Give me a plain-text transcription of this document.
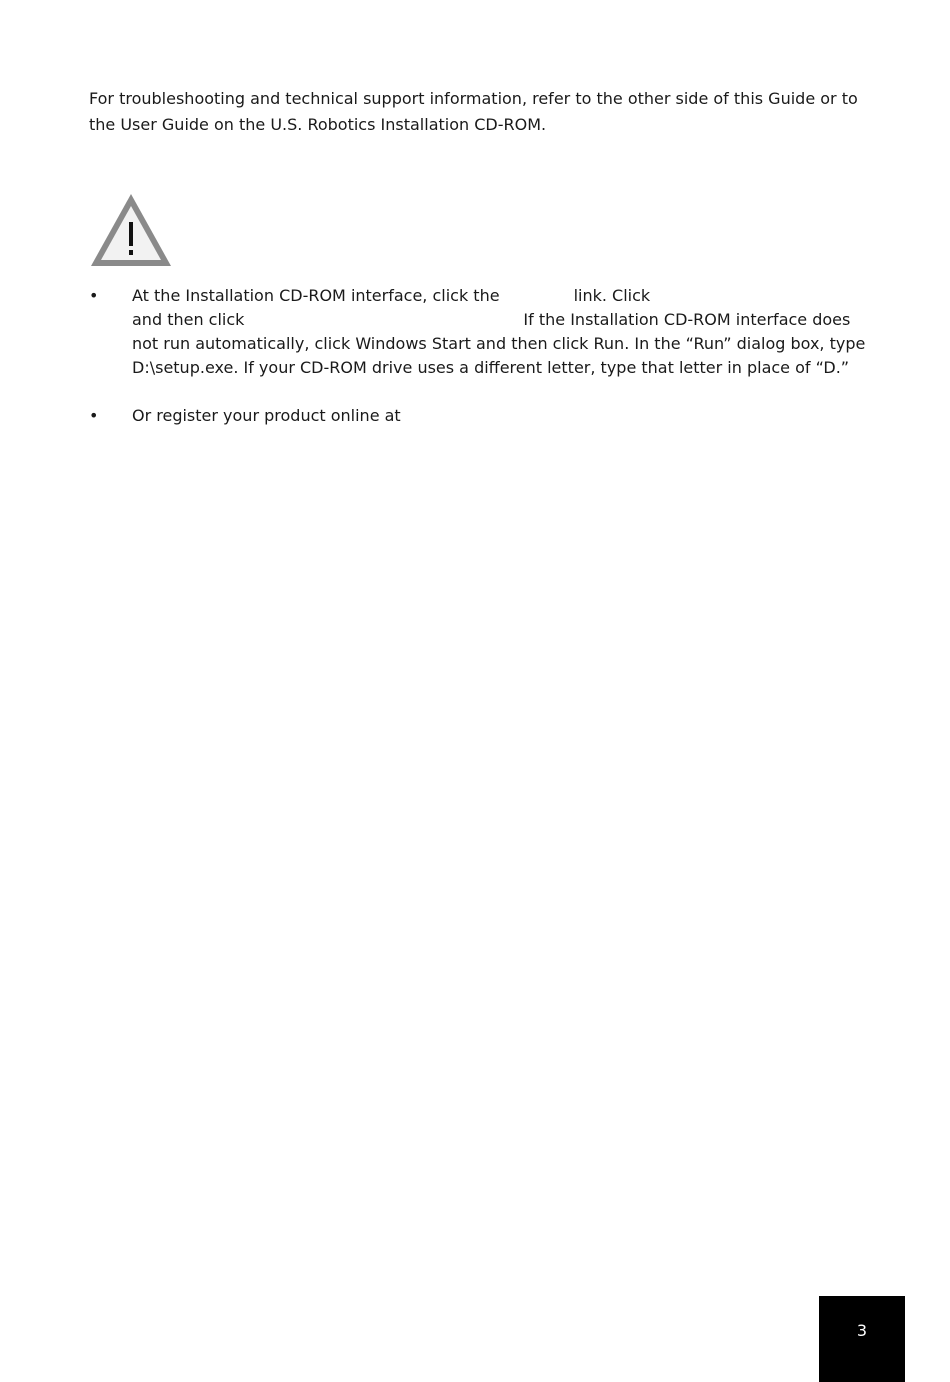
For troubleshooting and technical support information, refer to the other side of this Guide or to
the User Guide on the U.S. Robotics Installation CD-ROM.

• At the Installation CD-ROM interface, click the	link. Click
and then click	If the Installation CD-ROM interface does
not run automatically, click Windows Start and then click Run. In the “Run” dialog box, type
D:\setup.exe. If your CD-ROM drive uses a different letter, type that letter in place of “D.”
• Or register your product online at
3
